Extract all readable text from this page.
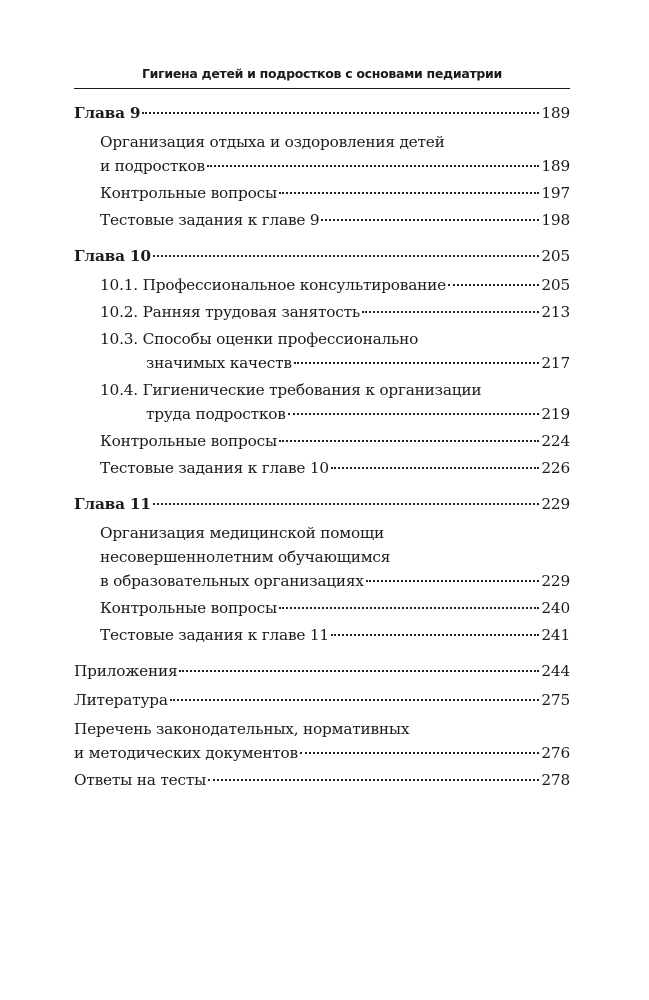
Гигиена детей и подростков с основами педиатрии
Глава 9	189
Организация отдыха и оздоровления детей
и подростков	189
Контрольные вопросы	197
Тестовые задания к главе 9	198
Глава 10	205
10.1. Профессиональное консультирование	205
10.2. Ранняя трудовая занятость	213
10.3. Способы оценки профессионально
значимых качеств	217
10.4. Гигиенические требования к организации
труда подростков	219
Контрольные вопросы	224
Тестовые задания к главе 10	226
Глава 11	229
Организация медицинской помощи
несовершеннолетним обучающимся
в образовательных организациях	229
Контрольные вопросы	240
Тестовые задания к главе 11	241
Приложения	244
Литература	275
Перечень законодательных, нормативных
и методических документов	276
Ответы на тесты	278
